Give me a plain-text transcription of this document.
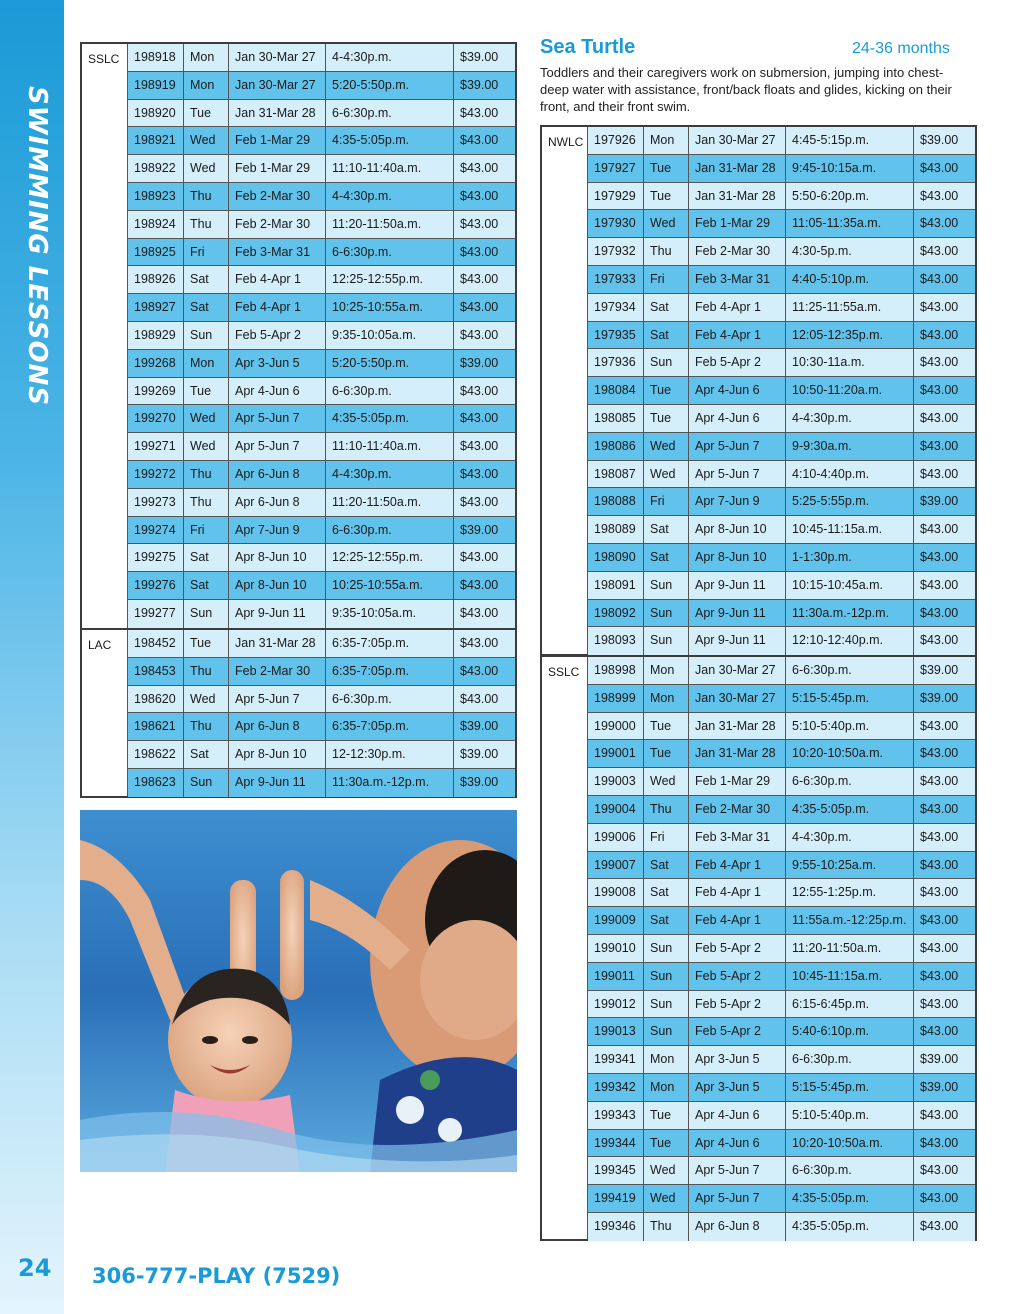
SWIMMING LESSONS
24 306-777-PLAY (7529)
SSLC	198918	Mon	Jan 30-Mar 27	4-4:30p.m.	$39.00
198919	Mon	Jan 30-Mar 27	5:20-5:50p.m.	$39.00
198920	Tue	Jan 31-Mar 28	6-6:30p.m.	$43.00
198921	Wed	Feb 1-Mar 29	4:35-5:05p.m.	$43.00
198922	Wed	Feb 1-Mar 29	11:10-11:40a.m.	$43.00
198923	Thu	Feb 2-Mar 30	4-4:30p.m.	$43.00
198924	Thu	Feb 2-Mar 30	11:20-11:50a.m.	$43.00
198925	Fri	Feb 3-Mar 31	6-6:30p.m.	$43.00
198926	Sat	Feb 4-Apr 1	12:25-12:55p.m.	$43.00
198927	Sat	Feb 4-Apr 1	10:25-10:55a.m.	$43.00
198929	Sun	Feb 5-Apr 2	9:35-10:05a.m.	$43.00
199268	Mon	Apr 3-Jun 5	5:20-5:50p.m.	$39.00
199269	Tue	Apr 4-Jun 6	6-6:30p.m.	$43.00
199270	Wed	Apr 5-Jun 7	4:35-5:05p.m.	$43.00
199271	Wed	Apr 5-Jun 7	11:10-11:40a.m.	$43.00
199272	Thu	Apr 6-Jun 8	4-4:30p.m.	$43.00
199273	Thu	Apr 6-Jun 8	11:20-11:50a.m.	$43.00
199274	Fri	Apr 7-Jun 9	6-6:30p.m.	$39.00
199275	Sat	Apr 8-Jun 10	12:25-12:55p.m.	$43.00
199276	Sat	Apr 8-Jun 10	10:25-10:55a.m.	$43.00
199277	Sun	Apr 9-Jun 11	9:35-10:05a.m.	$43.00
LAC	198452	Tue	Jan 31-Mar 28	6:35-7:05p.m.	$43.00
198453	Thu	Feb 2-Mar 30	6:35-7:05p.m.	$43.00
198620	Wed	Apr 5-Jun 7	6-6:30p.m.	$43.00
198621	Thu	Apr 6-Jun 8	6:35-7:05p.m.	$39.00
198622	Sat	Apr 8-Jun 10	12-12:30p.m.	$39.00
198623	Sun	Apr 9-Jun 11	11:30a.m.-12p.m.	$39.00
Sea Turtle	24-36 months
Toddlers and their caregivers work on submersion, jumping into chest-deep water with assistance, front/back floats and glides, kicking on their front, and their front swim.
NWLC 197926	Mon	Jan 30-Mar 27	4:45-5:15p.m.	$39.00
197927	Tue	Jan 31-Mar 28	9:45-10:15a.m.	$43.00
197929	Tue	Jan 31-Mar 28	5:50-6:20p.m.	$43.00
197930	Wed	Feb 1-Mar 29	11:05-11:35a.m.	$43.00
197932	Thu	Feb 2-Mar 30	4:30-5p.m.	$43.00
197933	Fri	Feb 3-Mar 31	4:40-5:10p.m.	$43.00
197934	Sat	Feb 4-Apr 1	11:25-11:55a.m.	$43.00
197935	Sat	Feb 4-Apr 1	12:05-12:35p.m.	$43.00
197936	Sun	Feb 5-Apr 2	10:30-11a.m.	$43.00
198084	Tue	Apr 4-Jun 6	10:50-11:20a.m.	$43.00
198085	Tue	Apr 4-Jun 6	4-4:30p.m.	$43.00
198086	Wed	Apr 5-Jun 7	9-9:30a.m.	$43.00
198087	Wed	Apr 5-Jun 7	4:10-4:40p.m.	$43.00
198088	Fri	Apr 7-Jun 9	5:25-5:55p.m.	$39.00
198089	Sat	Apr 8-Jun 10	10:45-11:15a.m.	$43.00
198090	Sat	Apr 8-Jun 10	1-1:30p.m.	$43.00
198091	Sun	Apr 9-Jun 11	10:15-10:45a.m.	$43.00
198092	Sun	Apr 9-Jun 11	11:30a.m.-12p.m.	$43.00
198093	Sun	Apr 9-Jun 11	12:10-12:40p.m.	$43.00
SSLC	198998	Mon	Jan 30-Mar 27	6-6:30p.m.	$39.00
198999	Mon	Jan 30-Mar 27	5:15-5:45p.m.	$39.00
199000	Tue	Jan 31-Mar 28	5:10-5:40p.m.	$43.00
199001	Tue	Jan 31-Mar 28	10:20-10:50a.m.	$43.00
199003	Wed	Feb 1-Mar 29	6-6:30p.m.	$43.00
199004	Thu	Feb 2-Mar 30	4:35-5:05p.m.	$43.00
199006	Fri	Feb 3-Mar 31	4-4:30p.m.	$43.00
199007	Sat	Feb 4-Apr 1	9:55-10:25a.m.	$43.00
199008	Sat	Feb 4-Apr 1	12:55-1:25p.m.	$43.00
199009	Sat	Feb 4-Apr 1	11:55a.m.-12:25p.m.	$43.00
199010	Sun	Feb 5-Apr 2	11:20-11:50a.m.	$43.00
199011	Sun	Feb 5-Apr 2	10:45-11:15a.m.	$43.00
199012	Sun	Feb 5-Apr 2	6:15-6:45p.m.	$43.00
199013	Sun	Feb 5-Apr 2	5:40-6:10p.m.	$43.00
199341	Mon	Apr 3-Jun 5	6-6:30p.m.	$39.00
199342	Mon	Apr 3-Jun 5	5:15-5:45p.m.	$39.00
199343	Tue	Apr 4-Jun 6	5:10-5:40p.m.	$43.00
199344	Tue	Apr 4-Jun 6	10:20-10:50a.m.	$43.00
199345	Wed	Apr 5-Jun 7	6-6:30p.m.	$43.00
199419	Wed	Apr 5-Jun 7	4:35-5:05p.m.	$43.00
199346	Thu	Apr 6-Jun 8	4:35-5:05p.m.	$43.00
